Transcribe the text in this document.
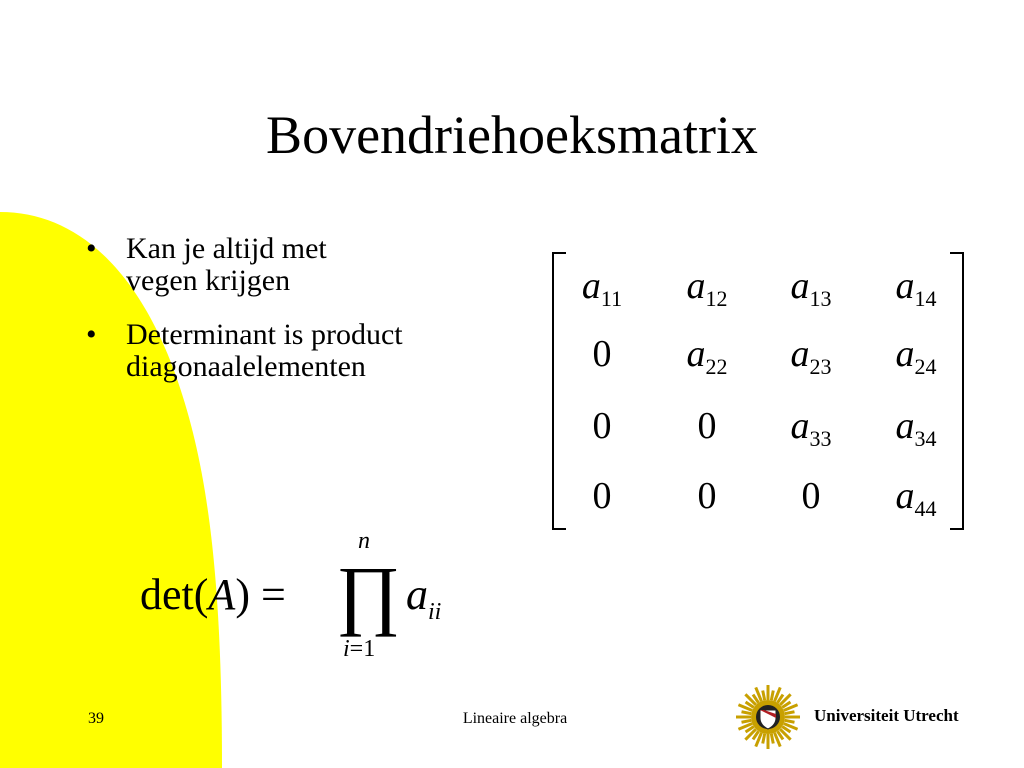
Bovendriehoeksmatrix
• Kan je altijd met
vegen krijgen
• Determinant is product
diagonaalelementen
$a_{11}$	$a_{12}$	$a_{13}$	$a_{14}$
0	$a_{22}$	$a_{23}$	$a_{24}$
0	0	$a_{33}$	$a_{34}$
0	0	0	$a_{44}$
det(A) =
n
∏
i=1
$a_{ii}$
39	Lineaire algebra	Universiteit Utrecht
